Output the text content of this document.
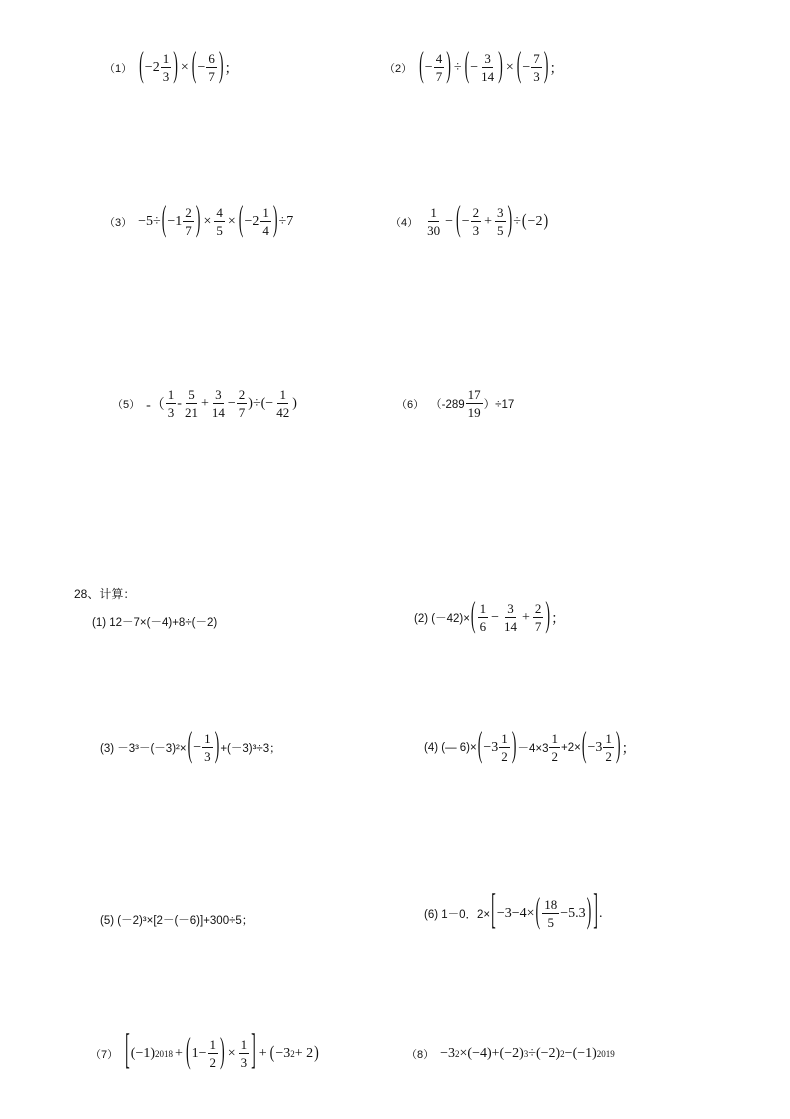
（1） ( $-2 \frac{1}{3}$ ) × ( − $\frac{6}{7}$ ) ；	（2） ( − $\frac{4}{7}$ ) ÷ ( − $\frac{3}{14}$ ) × ( − $\frac{7}{3}$ ) ；
（3） −5÷ ( $-1 \frac{2}{7}$ ) × $\frac{4}{5}$ × ( $-2 \frac{1}{4}$ ) ÷7	$(4) \frac{1}{30}$ − ( − $\frac{2}{3} + \frac{3}{5}$ ) ÷ ( −2 )
（5） -（ $\frac{1}{3} - \frac{5}{21} + \frac{3}{14} - \frac{2}{7}$ )÷(− $\frac{1}{42}$ )	（6） $(-289 \frac{17}{19} )\div 17$
28、计算：
(1) 12－7×(－4)+8÷(－2)	(2) (－42)× ( $\frac{1}{6} - \frac{3}{14} + \frac{2}{7}$ ) ；
(3) －3³－(－3)²× ( − $\frac{1}{3}$ ) +(－3)³÷3；	(4) (— 6)× ( $-3 \frac{1}{2}$ ) $-4\times 3 \frac{1}{2} +2\times$ ( $-3 \frac{1}{2}$ ) ；
(5) (－2)³×[2－(－6)]+300÷5；
(6) 1－0．2× [ −3−4× ( $\frac{18}{5} -5.3$ ) ] .
（7） [ (−1) 2018 + ( $1- \frac{1}{2}$ ) × $\frac{1}{3}$ ] + ( −3 2 + 2 )	（8） −3 2 ×(−4)+(−2) 3 ÷(−2) 2 −(−1) 2019
